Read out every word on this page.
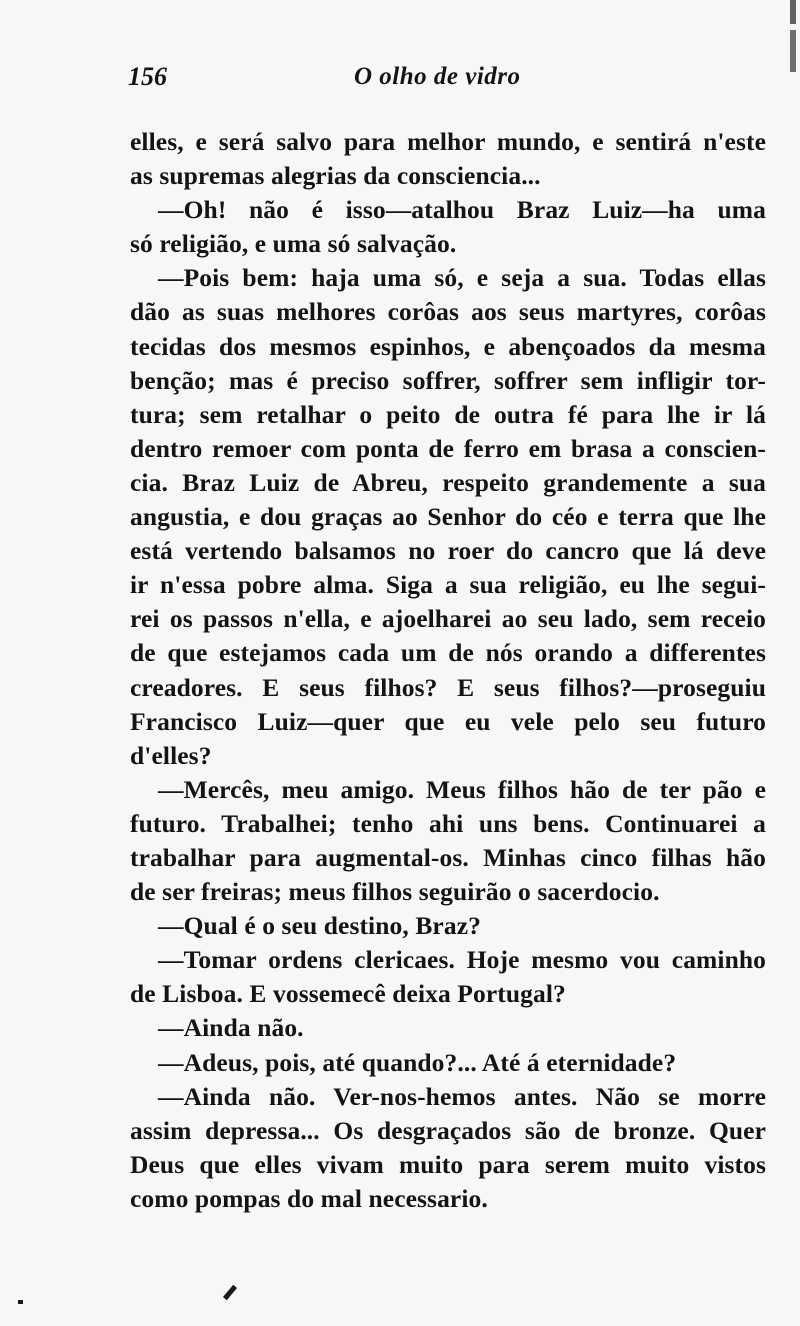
156	O olho de vidro
elles, e será salvo para melhor mundo, e sentirá n'este
as supremas alegrias da consciencia...
—Oh! não é isso—atalhou Braz Luiz—ha uma
só religião, e uma só salvação.
—Pois bem: haja uma só, e seja a sua. Todas ellas
dão as suas melhores corôas aos seus martyres, corôas
tecidas dos mesmos espinhos, e abençoados da mesma
benção; mas é preciso soffrer, soffrer sem infligir tor-
tura; sem retalhar o peito de outra fé para lhe ir lá
dentro remoer com ponta de ferro em brasa a conscien-
cia. Braz Luiz de Abreu, respeito grandemente a sua
angustia, e dou graças ao Senhor do céo e terra que lhe
está vertendo balsamos no roer do cancro que lá deve
ir n'essa pobre alma. Siga a sua religião, eu lhe segui-
rei os passos n'ella, e ajoelharei ao seu lado, sem receio
de que estejamos cada um de nós orando a differentes
creadores. E seus filhos? E seus filhos?—proseguiu
Francisco Luiz—quer que eu vele pelo seu futuro
d'elles?
—Mercês, meu amigo. Meus filhos hão de ter pão e
futuro. Trabalhei; tenho ahi uns bens. Continuarei a
trabalhar para augmental-os. Minhas cinco filhas hão
de ser freiras; meus filhos seguirão o sacerdocio.
—Qual é o seu destino, Braz?
—Tomar ordens clericaes. Hoje mesmo vou caminho
de Lisboa. E vossemecê deixa Portugal?
—Ainda não.
—Adeus, pois, até quando?... Até á eternidade?
—Ainda não. Ver-nos-hemos antes. Não se morre
assim depressa... Os desgraçados são de bronze. Quer
Deus que elles vivam muito para serem muito vistos
como pompas do mal necessario.
